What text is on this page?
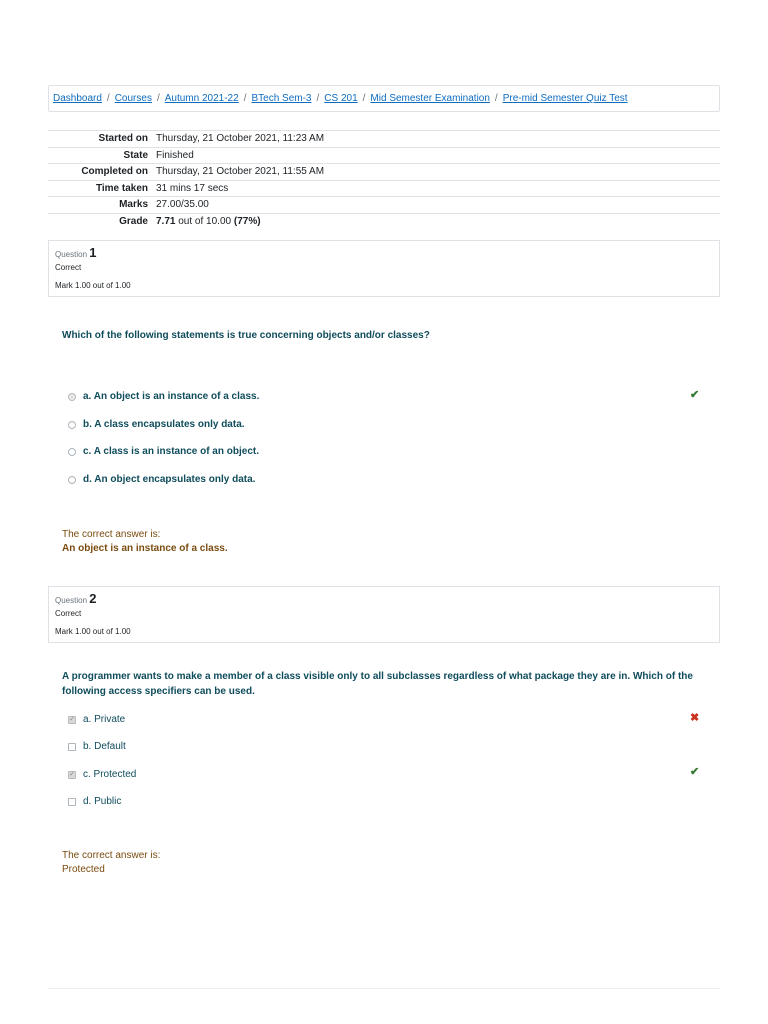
Dashboard / Courses / Autumn 2021-22 / BTech Sem-3 / CS 201 / Mid Semester Examination / Pre-mid Semester Quiz Test
Started on	Thursday, 21 October 2021, 11:23 AM
State	Finished
Completed on	Thursday, 21 October 2021, 11:55 AM
Time taken	31 mins 17 secs
Marks	27.00/35.00
Grade	7.71 out of 10.00 (77%)
Question 1
Correct
Mark 1.00 out of 1.00
Which of the following statements is true concerning objects and/or classes?
a. An object is an instance of a class.	✔
b. A class encapsulates only data.
c. A class is an instance of an object.
d. An object encapsulates only data.
The correct answer is:
An object is an instance of a class.
Question 2
Correct
Mark 1.00 out of 1.00
A programmer wants to make a member of a class visible only to all subclasses regardless of what package they are in. Which of the following access specifiers can be used.
✓ a. Private	✖
b. Default
✓ c. Protected	✔
d. Public
The correct answer is:
Protected
